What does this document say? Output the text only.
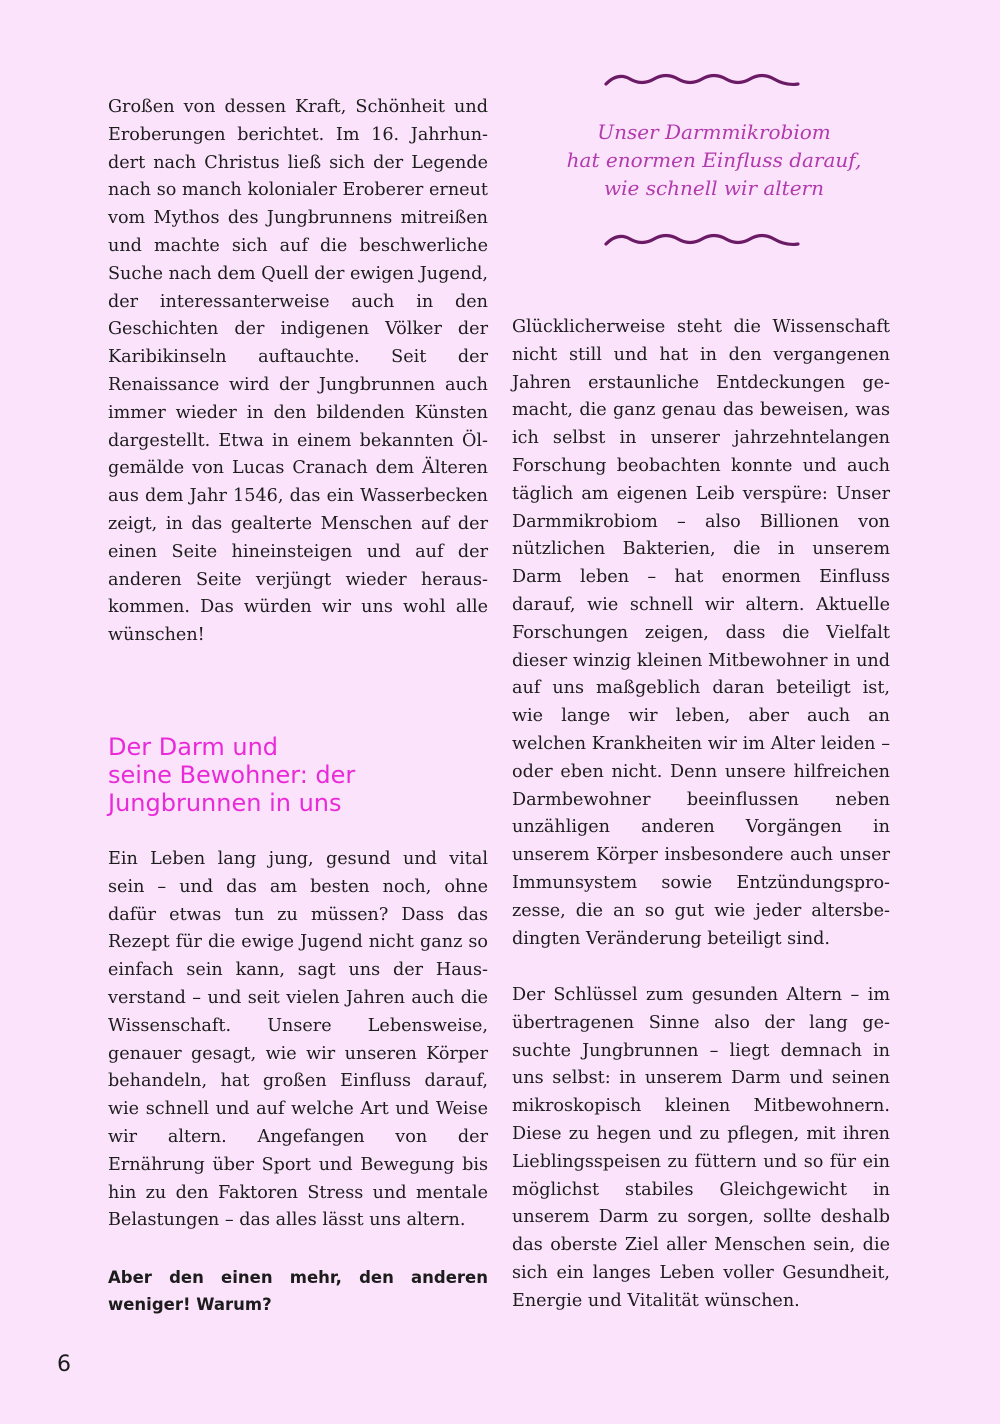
Großen von dessen Kraft, Schönheit und Eroberungen berichtet. Im 16. Jahrhundert nach Christus ließ sich der Legende nach so manch kolonialer Eroberer erneut vom Mythos des Jungbrunnens mitreißen und machte sich auf die beschwerliche Suche nach dem Quell der ewigen Jugend, der interessanterweise auch in den Geschichten der indigenen Völker der Karibikinseln auftauchte. Seit der Renaissance wird der Jungbrunnen auch immer wieder in den bildenden Künsten dargestellt. Etwa in einem bekannten Ölgemälde von Lucas Cranach dem Älteren aus dem Jahr 1546, das ein Wasserbecken zeigt, in das gealterte Menschen auf der einen Seite hineinsteigen und auf der anderen Seite verjüngt wieder herauskommen. Das würden wir uns wohl alle wünschen!

Der Darm und
seine Bewohner: der
Jungbrunnen in uns

Ein Leben lang jung, gesund und vital sein – und das am besten noch, ohne dafür etwas tun zu müssen? Dass das Rezept für die ewige Jugend nicht ganz so einfach sein kann, sagt uns der Hausverstand – und seit vielen Jahren auch die Wissenschaft. Unsere Lebensweise, genauer gesagt, wie wir unseren Körper behandeln, hat großen Einfluss darauf, wie schnell und auf welche Art und Weise wir altern. Angefangen von der Ernährung über Sport und Bewegung bis hin zu den Faktoren Stress und mentale Belastungen – das alles lässt uns altern.

Aber den einen mehr, den anderen weniger! Warum?

Unser Darmmikrobiom
hat enormen Einfluss darauf,
wie schnell wir altern

Glücklicherweise steht die Wissenschaft nicht still und hat in den vergangenen Jahren erstaunliche Entdeckungen gemacht, die ganz genau das beweisen, was ich selbst in unserer jahrzehntelangen Forschung beobachten konnte und auch täglich am eigenen Leib verspüre: Unser Darmmikrobiom – also Billionen von nützlichen Bakterien, die in unserem Darm leben – hat enormen Einfluss darauf, wie schnell wir altern. Aktuelle Forschungen zeigen, dass die Vielfalt dieser winzig kleinen Mitbewohner in und auf uns maßgeblich daran beteiligt ist, wie lange wir leben, aber auch an welchen Krankheiten wir im Alter leiden – oder eben nicht. Denn unsere hilfreichen Darmbewohner beeinflussen neben unzähligen anderen Vorgängen in unserem Körper insbesondere auch unser Immunsystem sowie Entzündungsprozesse, die an so gut wie jeder altersbedingten Veränderung beteiligt sind.

Der Schlüssel zum gesunden Altern – im übertragenen Sinne also der lang gesuchte Jungbrunnen – liegt demnach in uns selbst: in unserem Darm und seinen mikroskopisch kleinen Mitbewohnern. Diese zu hegen und zu pflegen, mit ihren Lieblingsspeisen zu füttern und so für ein möglichst stabiles Gleichgewicht in unserem Darm zu sorgen, sollte deshalb das oberste Ziel aller Menschen sein, die sich ein langes Leben voller Gesundheit, Energie und Vitalität wünschen.

6
